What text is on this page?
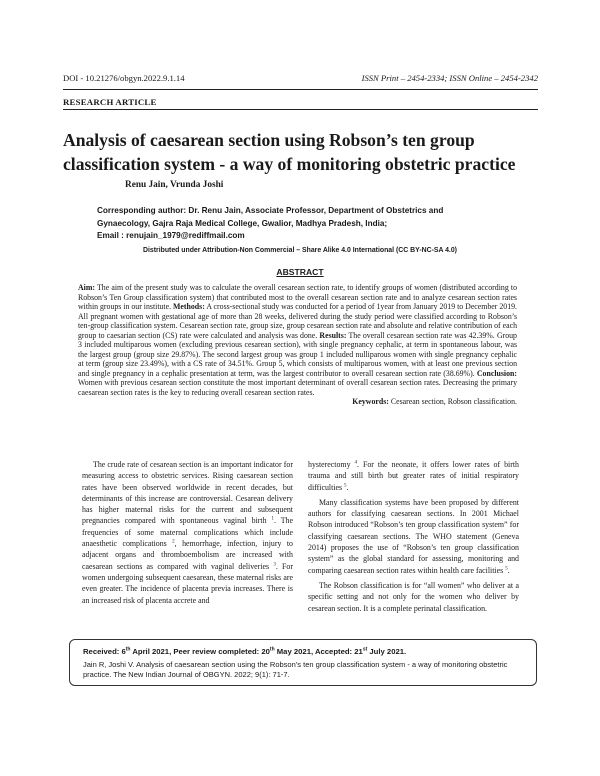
DOI - 10.21276/obgyn.2022.9.1.14	ISSN Print – 2454-2334; ISSN Online – 2454-2342
RESEARCH ARTICLE
Analysis of caesarean section using Robson’s ten group
classification system - a way of monitoring obstetric practice
Renu Jain, Vrunda Joshi
Corresponding author: Dr. Renu Jain, Associate Professor, Department of Obstetrics and
Gynaecology, Gajra Raja Medical College, Gwalior, Madhya Pradesh, India;
Email : renujain_1979@rediffmail.com
Distributed under Attribution-Non Commercial – Share Alike 4.0 International (CC BY-NC-SA 4.0)
ABSTRACT
Aim: The aim of the present study was to calculate the overall cesarean section rate, to identify groups of women (distributed according to Robson’s Ten Group classification system) that contributed most to the overall cesarean section rate and to analyze cesarean section rates within groups in our institute. Methods: A cross-sectional study was conducted for a period of 1year from January 2019 to December 2019. All pregnant women with gestational age of more than 28 weeks, delivered during the study period were classified according to Robson’s ten-group classification system. Cesarean section rate, group size, group cesarean section rate and absolute and relative contribution of each group to caesarian section (CS) rate were calculated and analysis was done. Results: The overall cesarean section rate was 42.39%. Group 3 included multiparous women (excluding previous cesarean section), with single pregnancy cephalic, at term in spontaneous labour, was the largest group (group size 29.87%). The second largest group was group 1 included nulliparous women with single pregnancy cephalic at term (group size 23.49%), with a CS rate of 34.51%. Group 5, which consists of multiparous women, with at least one previous section and single pregnancy in a cephalic presentation at term, was the largest contributor to overall cesarean section rate (38.69%). Conclusion: Women with previous cesarean section constitute the most important determinant of overall cesarean section rates. Decreasing the primary caesarean section rates is the key to reducing overall cesarean section rates.
Keywords: Cesarean section, Robson classification.

The crude rate of cesarean section is an important indicator for measuring access to obstetric services. Rising caesarean section rates have been observed worldwide in recent decades, but determinants of this increase are controversial. Cesarean delivery has higher maternal risks for the current and subsequent pregnancies compared with spontaneous vaginal birth $^1$. The frequencies of some maternal complications which include anaesthetic complications $^2$, hemorrhage, infection, injury to adjacent organs and thromboembolism are increased with caesarean sections as compared with vaginal deliveries $^3$. For women undergoing subsequent caesarean, these maternal risks are even greater. The incidence of placenta previa increases. There is an increased risk of placenta accrete and

hysterectomy $^4$. For the neonate, it offers lower rates of birth trauma and still birth but greater rates of initial respiratory difficulties $^5$.

Many classification systems have been proposed by different authors for classifying caesarean sections. In 2001 Michael Robson introduced “Robson’s ten group classification system” for classifying caesarean sections. The WHO statement (Geneva 2014) proposes the use of “Robson’s ten group classification system” as the global standard for assessing, monitoring and comparing caesarean section rates within health care facilities $^5$.

The Robson classification is for “all women” who deliver at a specific setting and not only for the women who deliver by cesarean section. It is a complete perinatal classification.

Received: 6th April 2021, Peer review completed: 20th May 2021, Accepted: 21st July 2021.
Jain R, Joshi V. Analysis of caesarean section using the Robson’s ten group classification system - a way of monitoring obstetric practice. The New Indian Journal of OBGYN. 2022; 9(1): 71-7.
